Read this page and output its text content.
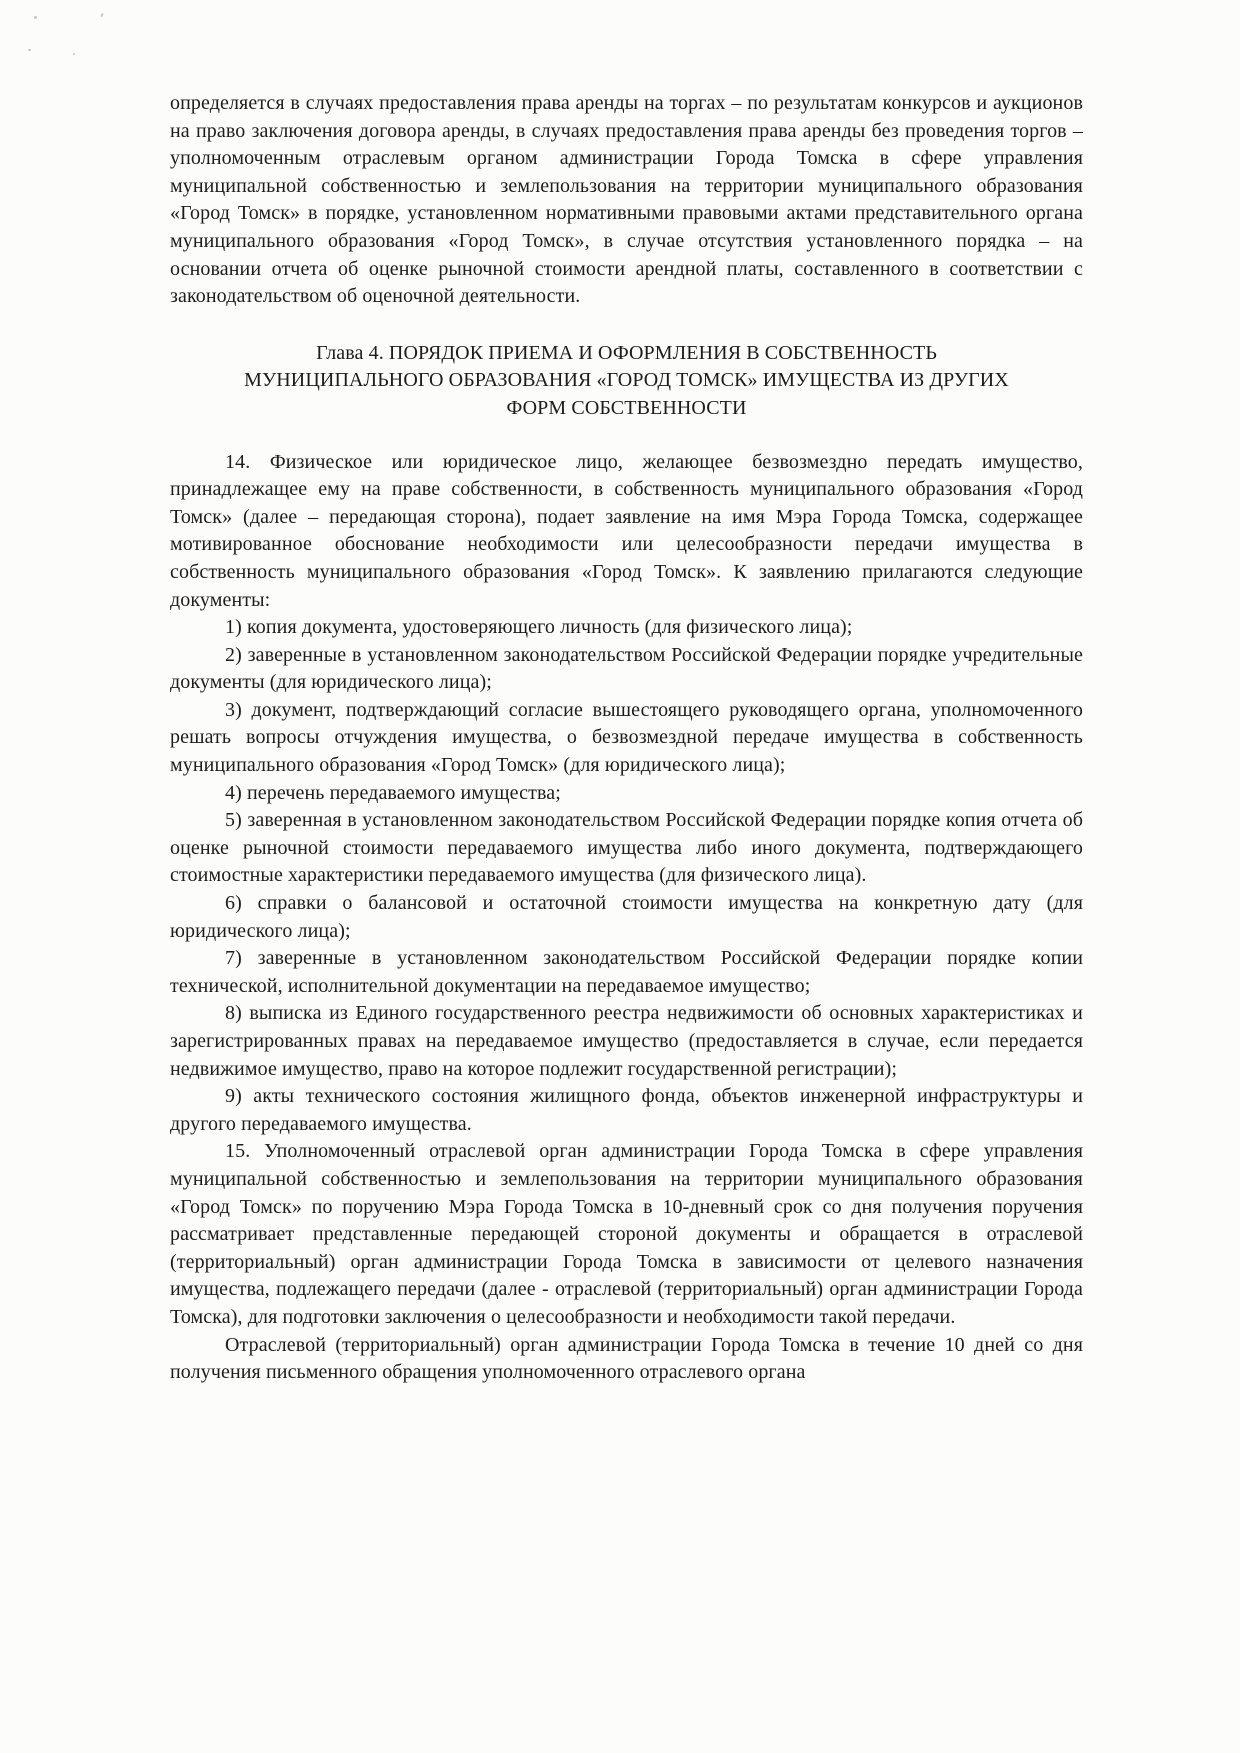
определяется в случаях предоставления права аренды на торгах – по результатам конкурсов и аукционов на право заключения договора аренды, в случаях предоставления права аренды без проведения торгов – уполномоченным отраслевым органом администрации Города Томска в сфере управления муниципальной собственностью и землепользования на территории муниципального образования «Город Томск» в порядке, установленном нормативными правовыми актами представительного органа муниципального образования «Город Томск», в случае отсутствия установленного порядка – на основании отчета об оценке рыночной стоимости арендной платы, составленного в соответствии с законодательством об оценочной деятельности.

Глава 4. ПОРЯДОК ПРИЕМА И ОФОРМЛЕНИЯ В СОБСТВЕННОСТЬ
МУНИЦИПАЛЬНОГО ОБРАЗОВАНИЯ «ГОРОД ТОМСК» ИМУЩЕСТВА ИЗ ДРУГИХ
ФОРМ СОБСТВЕННОСТИ

14. Физическое или юридическое лицо, желающее безвозмездно передать имущество, принадлежащее ему на праве собственности, в собственность муниципального образования «Город Томск» (далее – передающая сторона), подает заявление на имя Мэра Города Томска, содержащее мотивированное обоснование необходимости или целесообразности передачи имущества в собственность муниципального образования «Город Томск». К заявлению прилагаются следующие документы:

1) копия документа, удостоверяющего личность (для физического лица);

2) заверенные в установленном законодательством Российской Федерации порядке учредительные документы (для юридического лица);

3) документ, подтверждающий согласие вышестоящего руководящего органа, уполномоченного решать вопросы отчуждения имущества, о безвозмездной передаче имущества в собственность муниципального образования «Город Томск» (для юридического лица);

4) перечень передаваемого имущества;

5) заверенная в установленном законодательством Российской Федерации порядке копия отчета об оценке рыночной стоимости передаваемого имущества либо иного документа, подтверждающего стоимостные характеристики передаваемого имущества (для физического лица).

6) справки о балансовой и остаточной стоимости имущества на конкретную дату (для юридического лица);

7) заверенные в установленном законодательством Российской Федерации порядке копии технической, исполнительной документации на передаваемое имущество;

8) выписка из Единого государственного реестра недвижимости об основных характеристиках и зарегистрированных правах на передаваемое имущество (предоставляется в случае, если передается недвижимое имущество, право на которое подлежит государственной регистрации);

9) акты технического состояния жилищного фонда, объектов инженерной инфраструктуры и другого передаваемого имущества.

15. Уполномоченный отраслевой орган администрации Города Томска в сфере управления муниципальной собственностью и землепользования на территории муниципального образования «Город Томск» по поручению Мэра Города Томска в 10-дневный срок со дня получения поручения рассматривает представленные передающей стороной документы и обращается в отраслевой (территориальный) орган администрации Города Томска в зависимости от целевого назначения имущества, подлежащего передачи (далее - отраслевой (территориальный) орган администрации Города Томска), для подготовки заключения о целесообразности и необходимости такой передачи.

Отраслевой (территориальный) орган администрации Города Томска в течение 10 дней со дня получения письменного обращения уполномоченного отраслевого органа
